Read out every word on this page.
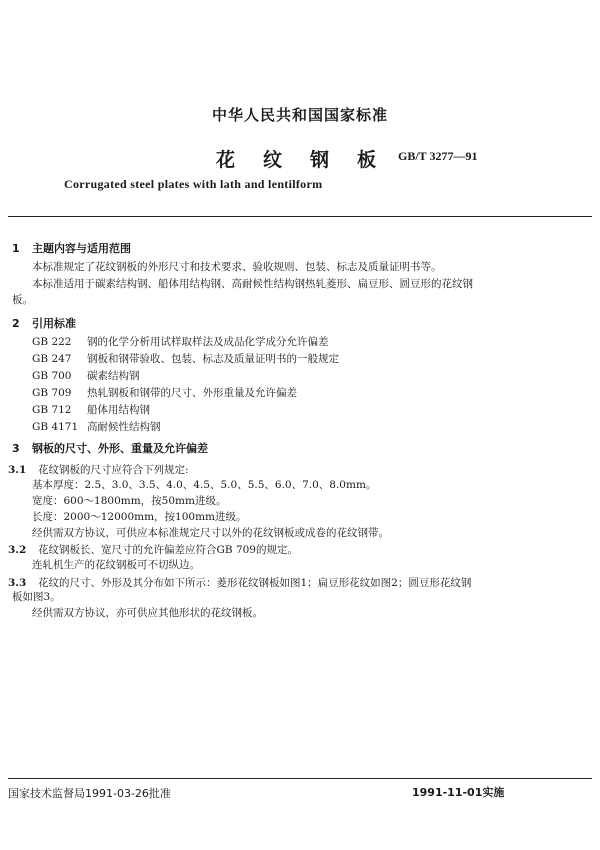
中华人民共和国国家标准
花纹钢板
GB/T 3277—91
Corrugated steel plates with lath and lentilform
1 主题内容与适用范围
本标准规定了花纹钢板的外形尺寸和技术要求、验收规则、包装、标志及质量证明书等。
本标准适用于碳素结构钢、船体用结构钢、高耐候性结构钢热轧菱形、扁豆形、圆豆形的花纹钢
板。
2 引用标准
GB 222 钢的化学分析用试样取样法及成品化学成分允许偏差
GB 247 钢板和钢带验收、包装、标志及质量证明书的一般规定
GB 700 碳素结构钢
GB 709 热轧钢板和钢带的尺寸、外形重量及允许偏差
GB 712 船体用结构钢
GB 4171 高耐候性结构钢
3 钢板的尺寸、外形、重量及允许偏差
3.1 花纹钢板的尺寸应符合下列规定:
基本厚度：2.5、3.0、3.5、4.0、4.5、5.0、5.5、6.0、7.0、8.0mm。
宽度：600～1800mm，按50mm进级。
长度：2000～12000mm，按100mm进级。
经供需双方协议，可供应本标准规定尺寸以外的花纹钢板或成卷的花纹钢带。
3.2 花纹钢板长、宽尺寸的允许偏差应符合GB 709的规定。
连轧机生产的花纹钢板可不切纵边。
3.3 花纹的尺寸、外形及其分布如下所示：菱形花纹钢板如图1；扁豆形花纹如图2；圆豆形花纹钢
板如图3。
经供需双方协议，亦可供应其他形状的花纹钢板。
国家技术监督局1991-03-26批准	1991-11-01实施
